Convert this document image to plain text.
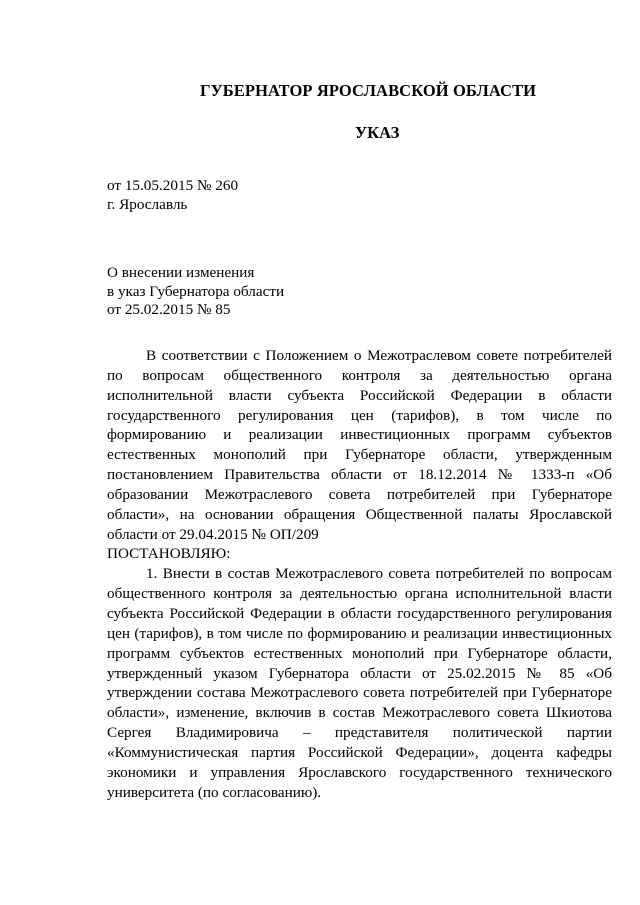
ГУБЕРНАТОР ЯРОСЛАВСКОЙ ОБЛАСТИ
УКАЗ
от 15.05.2015 № 260
г. Ярославль
О внесении изменения
в указ Губернатора области
от 25.02.2015 № 85

В соответствии с Положением о Межотраслевом совете потребителей по вопросам общественного контроля за деятельностью органа исполнительной власти субъекта Российской Федерации в области государственного регулирования цен (тарифов), в том числе по формированию и реализации инвестиционных программ субъектов естественных монополий при Губернаторе области, утвержденным постановлением Правительства области от 18.12.2014 № 1333-п «Об образовании Межотраслевого совета потребителей при Губернаторе области», на основании обращения Общественной палаты Ярославской области от 29.04.2015 № ОП/209

ПОСТАНОВЛЯЮ:

1. Внести в состав Межотраслевого совета потребителей по вопросам общественного контроля за деятельностью органа исполнительной власти субъекта Российской Федерации в области государственного регулирования цен (тарифов), в том числе по формированию и реализации инвестиционных программ субъектов естественных монополий при Губернаторе области, утвержденный указом Губернатора области от 25.02.2015 № 85 «Об утверждении состава Межотраслевого совета потребителей при Губернаторе области», изменение, включив в состав Межотраслевого совета Шкиотова Сергея Владимировича – представителя политической партии «Коммунистическая партия Российской Федерации», доцента кафедры экономики и управления Ярославского государственного технического университета (по согласованию).
